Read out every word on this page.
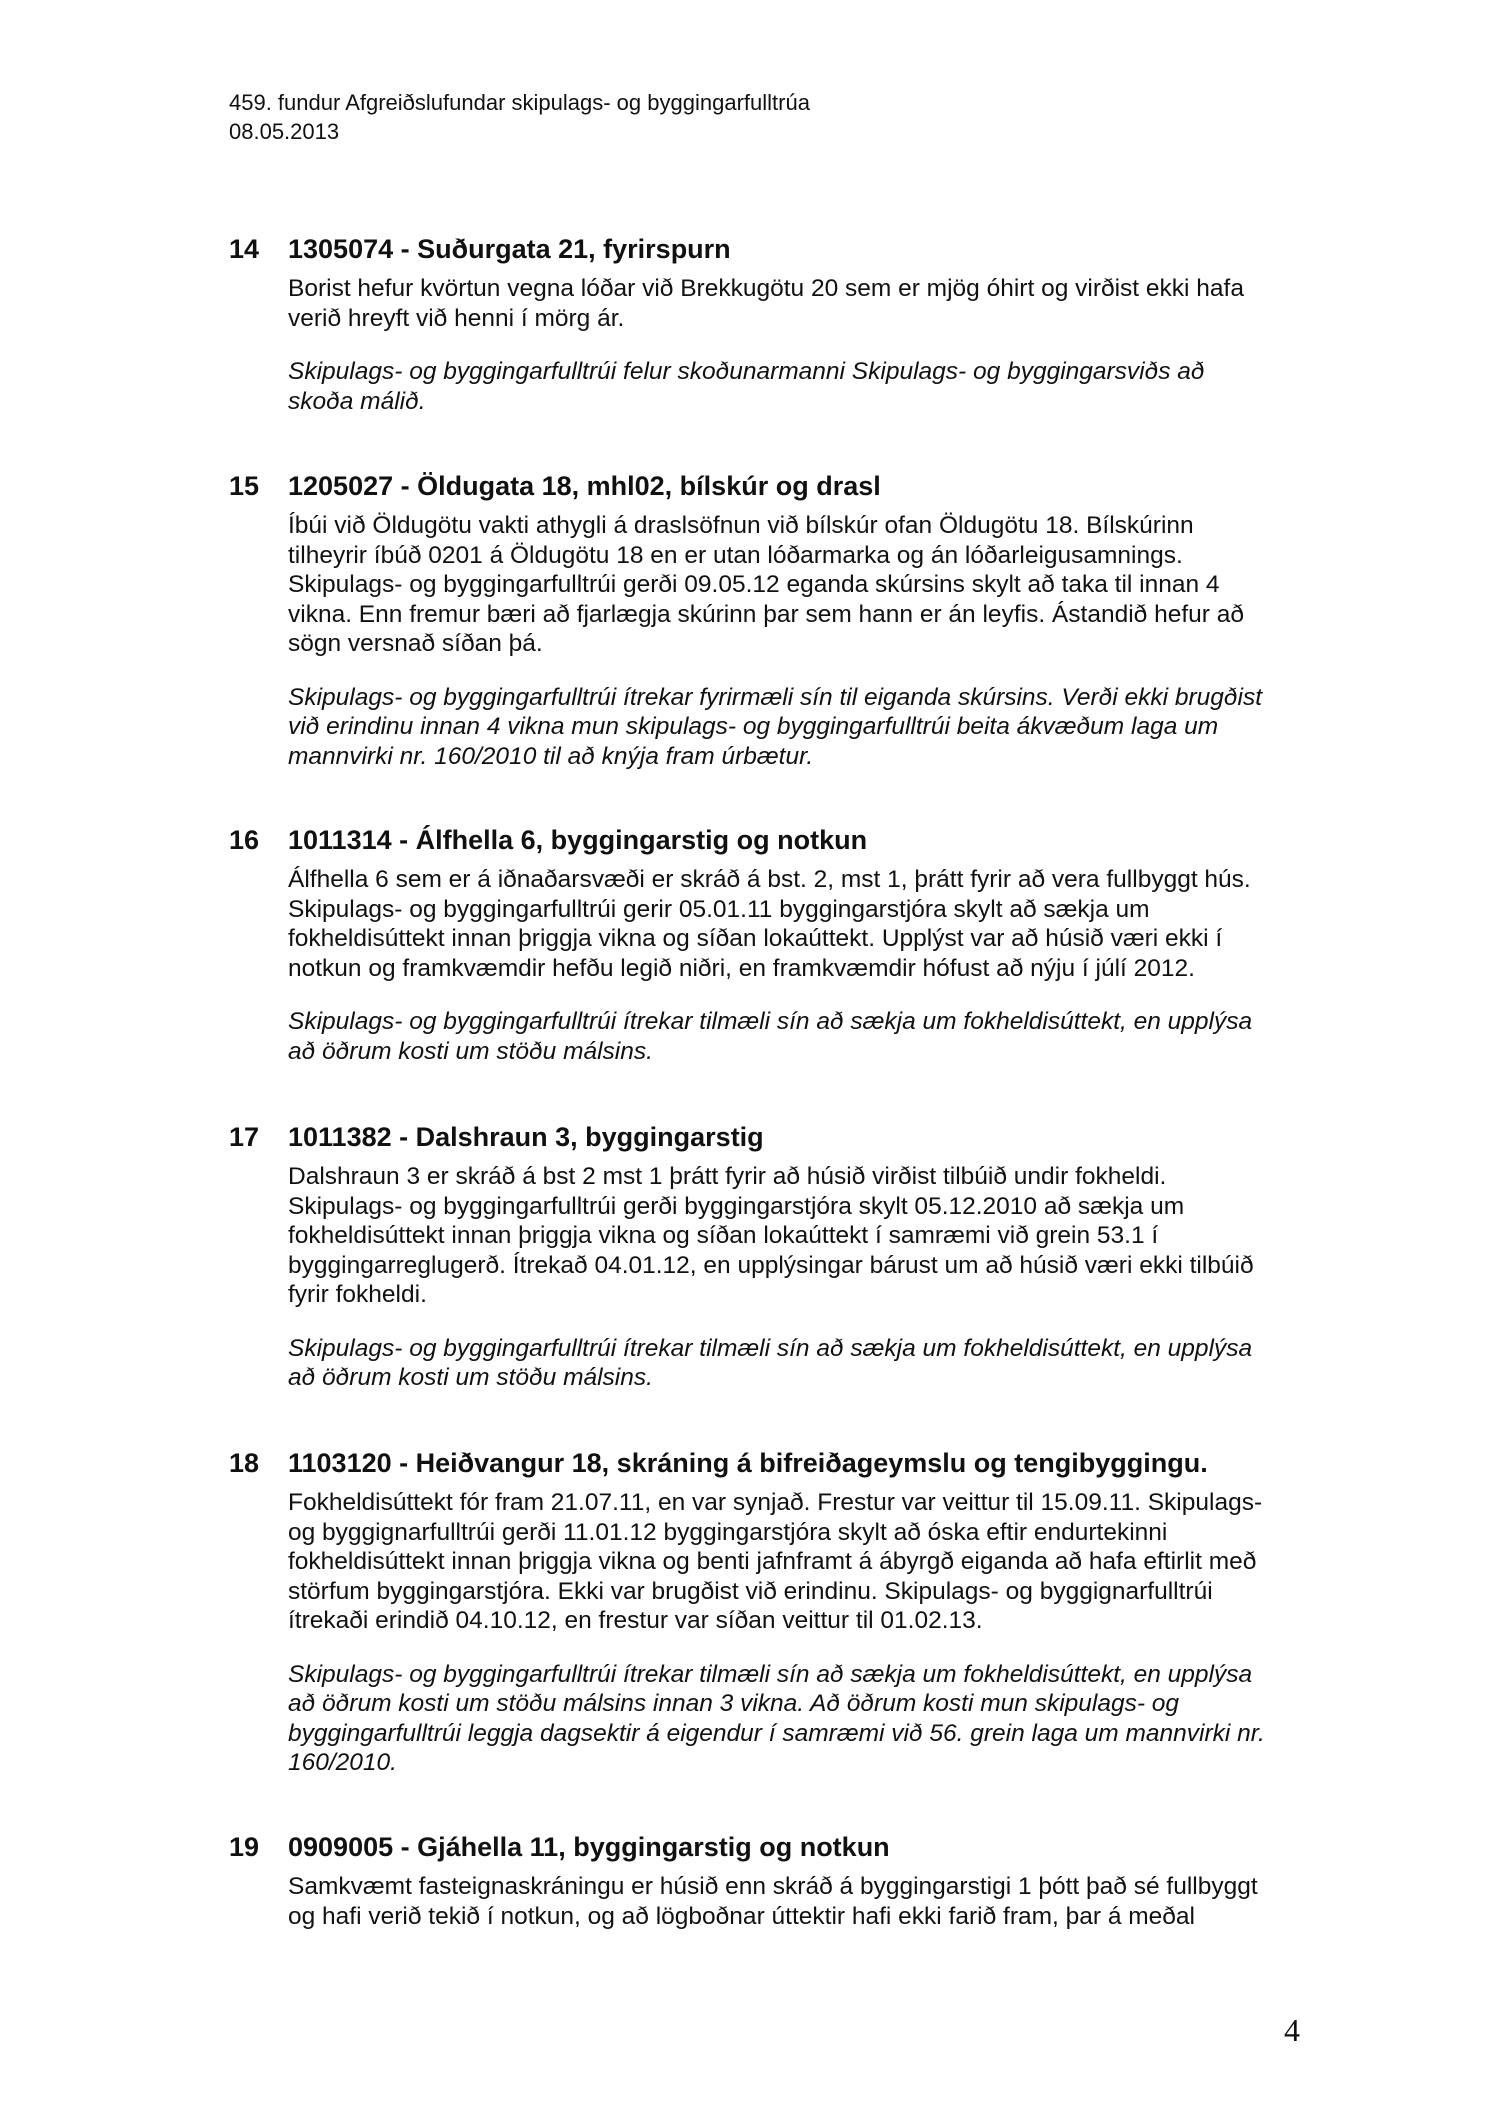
459. fundur Afgreiðslufundar skipulags- og byggingarfulltrúa
08.05.2013
14	1305074 - Suðurgata 21, fyrirspurn
Borist hefur kvörtun vegna lóðar við Brekkugötu 20 sem er mjög óhirt og virðist ekki hafa
verið hreyft við henni í mörg ár.
Skipulags- og byggingarfulltrúi felur skoðunarmanni Skipulags- og byggingarsviðs að
skoða málið.
15	1205027 - Öldugata 18, mhl02, bílskúr og drasl
Íbúi við Öldugötu vakti athygli á draslsöfnun við bílskúr ofan Öldugötu 18. Bílskúrinn
tilheyrir íbúð 0201 á Öldugötu 18 en er utan lóðarmarka og án lóðarleigusamnings.
Skipulags- og byggingarfulltrúi gerði 09.05.12 eganda skúrsins skylt að taka til innan 4
vikna. Enn fremur bæri að fjarlægja skúrinn þar sem hann er án leyfis. Ástandið hefur að
sögn versnað síðan þá.
Skipulags- og byggingarfulltrúi ítrekar fyrirmæli sín til eiganda skúrsins. Verði ekki brugðist
við erindinu innan 4 vikna mun skipulags- og byggingarfulltrúi beita ákvæðum laga um
mannvirki nr. 160/2010 til að knýja fram úrbætur.
16	1011314 - Álfhella 6, byggingarstig og notkun
Álfhella 6 sem er á iðnaðarsvæði er skráð á bst. 2, mst 1, þrátt fyrir að vera fullbyggt hús.
Skipulags- og byggingarfulltrúi gerir 05.01.11 byggingarstjóra skylt að sækja um
fokheldisúttekt innan þriggja vikna og síðan lokaúttekt. Upplýst var að húsið væri ekki í
notkun og framkvæmdir hefðu legið niðri, en framkvæmdir hófust að nýju í júlí 2012.
Skipulags- og byggingarfulltrúi ítrekar tilmæli sín að sækja um fokheldisúttekt, en upplýsa
að öðrum kosti um stöðu málsins.
17	1011382 - Dalshraun 3, byggingarstig
Dalshraun 3 er skráð á bst 2 mst 1 þrátt fyrir að húsið virðist tilbúið undir fokheldi.
Skipulags- og byggingarfulltrúi gerði byggingarstjóra skylt 05.12.2010 að sækja um
fokheldisúttekt innan þriggja vikna og síðan lokaúttekt í samræmi við grein 53.1 í
byggingarreglugerð. Ítrekað 04.01.12, en upplýsingar bárust um að húsið væri ekki tilbúið
fyrir fokheldi.
Skipulags- og byggingarfulltrúi ítrekar tilmæli sín að sækja um fokheldisúttekt, en upplýsa
að öðrum kosti um stöðu málsins.
18	1103120 - Heiðvangur 18, skráning á bifreiðageymslu og tengibyggingu.
Fokheldisúttekt fór fram 21.07.11, en var synjað. Frestur var veittur til 15.09.11. Skipulags-
og byggignarfulltrúi gerði 11.01.12 byggingarstjóra skylt að óska eftir endurtekinni
fokheldisúttekt innan þriggja vikna og benti jafnframt á ábyrgð eiganda að hafa eftirlit með
störfum byggingarstjóra. Ekki var brugðist við erindinu. Skipulags- og byggignarfulltrúi
ítrekaði erindið 04.10.12, en frestur var síðan veittur til 01.02.13.
Skipulags- og byggingarfulltrúi ítrekar tilmæli sín að sækja um fokheldisúttekt, en upplýsa
að öðrum kosti um stöðu málsins innan 3 vikna. Að öðrum kosti mun skipulags- og
byggingarfulltrúi leggja dagsektir á eigendur í samræmi við 56. grein laga um mannvirki nr.
160/2010.
19	0909005 - Gjáhella 11, byggingarstig og notkun
Samkvæmt fasteignaskráningu er húsið enn skráð á byggingarstigi 1 þótt það sé fullbyggt
og hafi verið tekið í notkun, og að lögboðnar úttektir hafi ekki farið fram, þar á meðal
4
